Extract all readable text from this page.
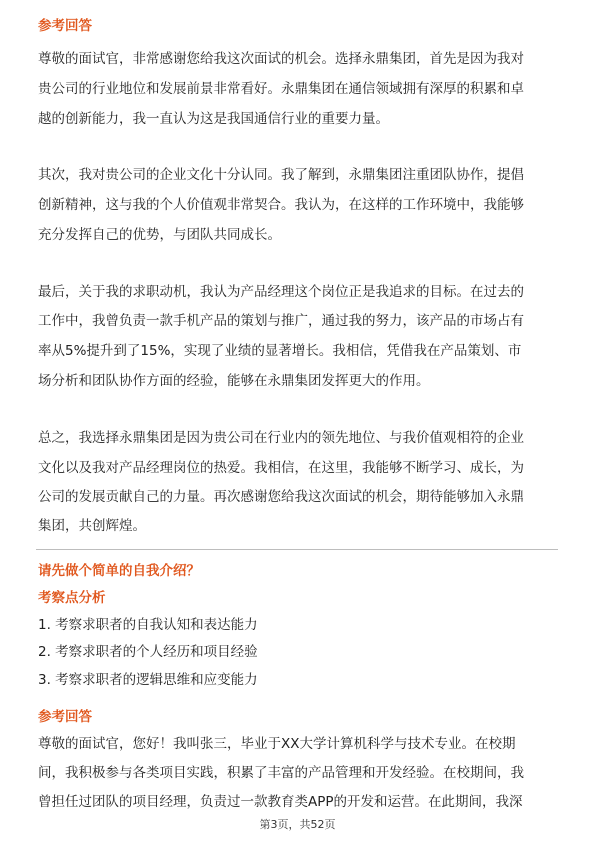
参考回答
尊敬的面试官，非常感谢您给我这次面试的机会。选择永鼎集团，首先是因为我对
贵公司的行业地位和发展前景非常看好。永鼎集团在通信领域拥有深厚的积累和卓
越的创新能力，我一直认为这是我国通信行业的重要力量。
其次，我对贵公司的企业文化十分认同。我了解到，永鼎集团注重团队协作，提倡
创新精神，这与我的个人价值观非常契合。我认为，在这样的工作环境中，我能够
充分发挥自己的优势，与团队共同成长。
最后，关于我的求职动机，我认为产品经理这个岗位正是我追求的目标。在过去的
工作中，我曾负责一款手机产品的策划与推广，通过我的努力，该产品的市场占有
率从5%提升到了15%，实现了业绩的显著增长。我相信，凭借我在产品策划、市
场分析和团队协作方面的经验，能够在永鼎集团发挥更大的作用。
总之，我选择永鼎集团是因为贵公司在行业内的领先地位、与我价值观相符的企业
文化以及我对产品经理岗位的热爱。我相信，在这里，我能够不断学习、成长，为
公司的发展贡献自己的力量。再次感谢您给我这次面试的机会，期待能够加入永鼎
集团，共创辉煌。
请先做个简单的自我介绍？
考察点分析
1. 考察求职者的自我认知和表达能力
2. 考察求职者的个人经历和项目经验
3. 考察求职者的逻辑思维和应变能力
参考回答
尊敬的面试官，您好！我叫张三，毕业于XX大学计算机科学与技术专业。在校期
间，我积极参与各类项目实践，积累了丰富的产品管理和开发经验。在校期间，我
曾担任过团队的项目经理，负责过一款教育类APP的开发和运营。在此期间，我深
第3页，共52页
